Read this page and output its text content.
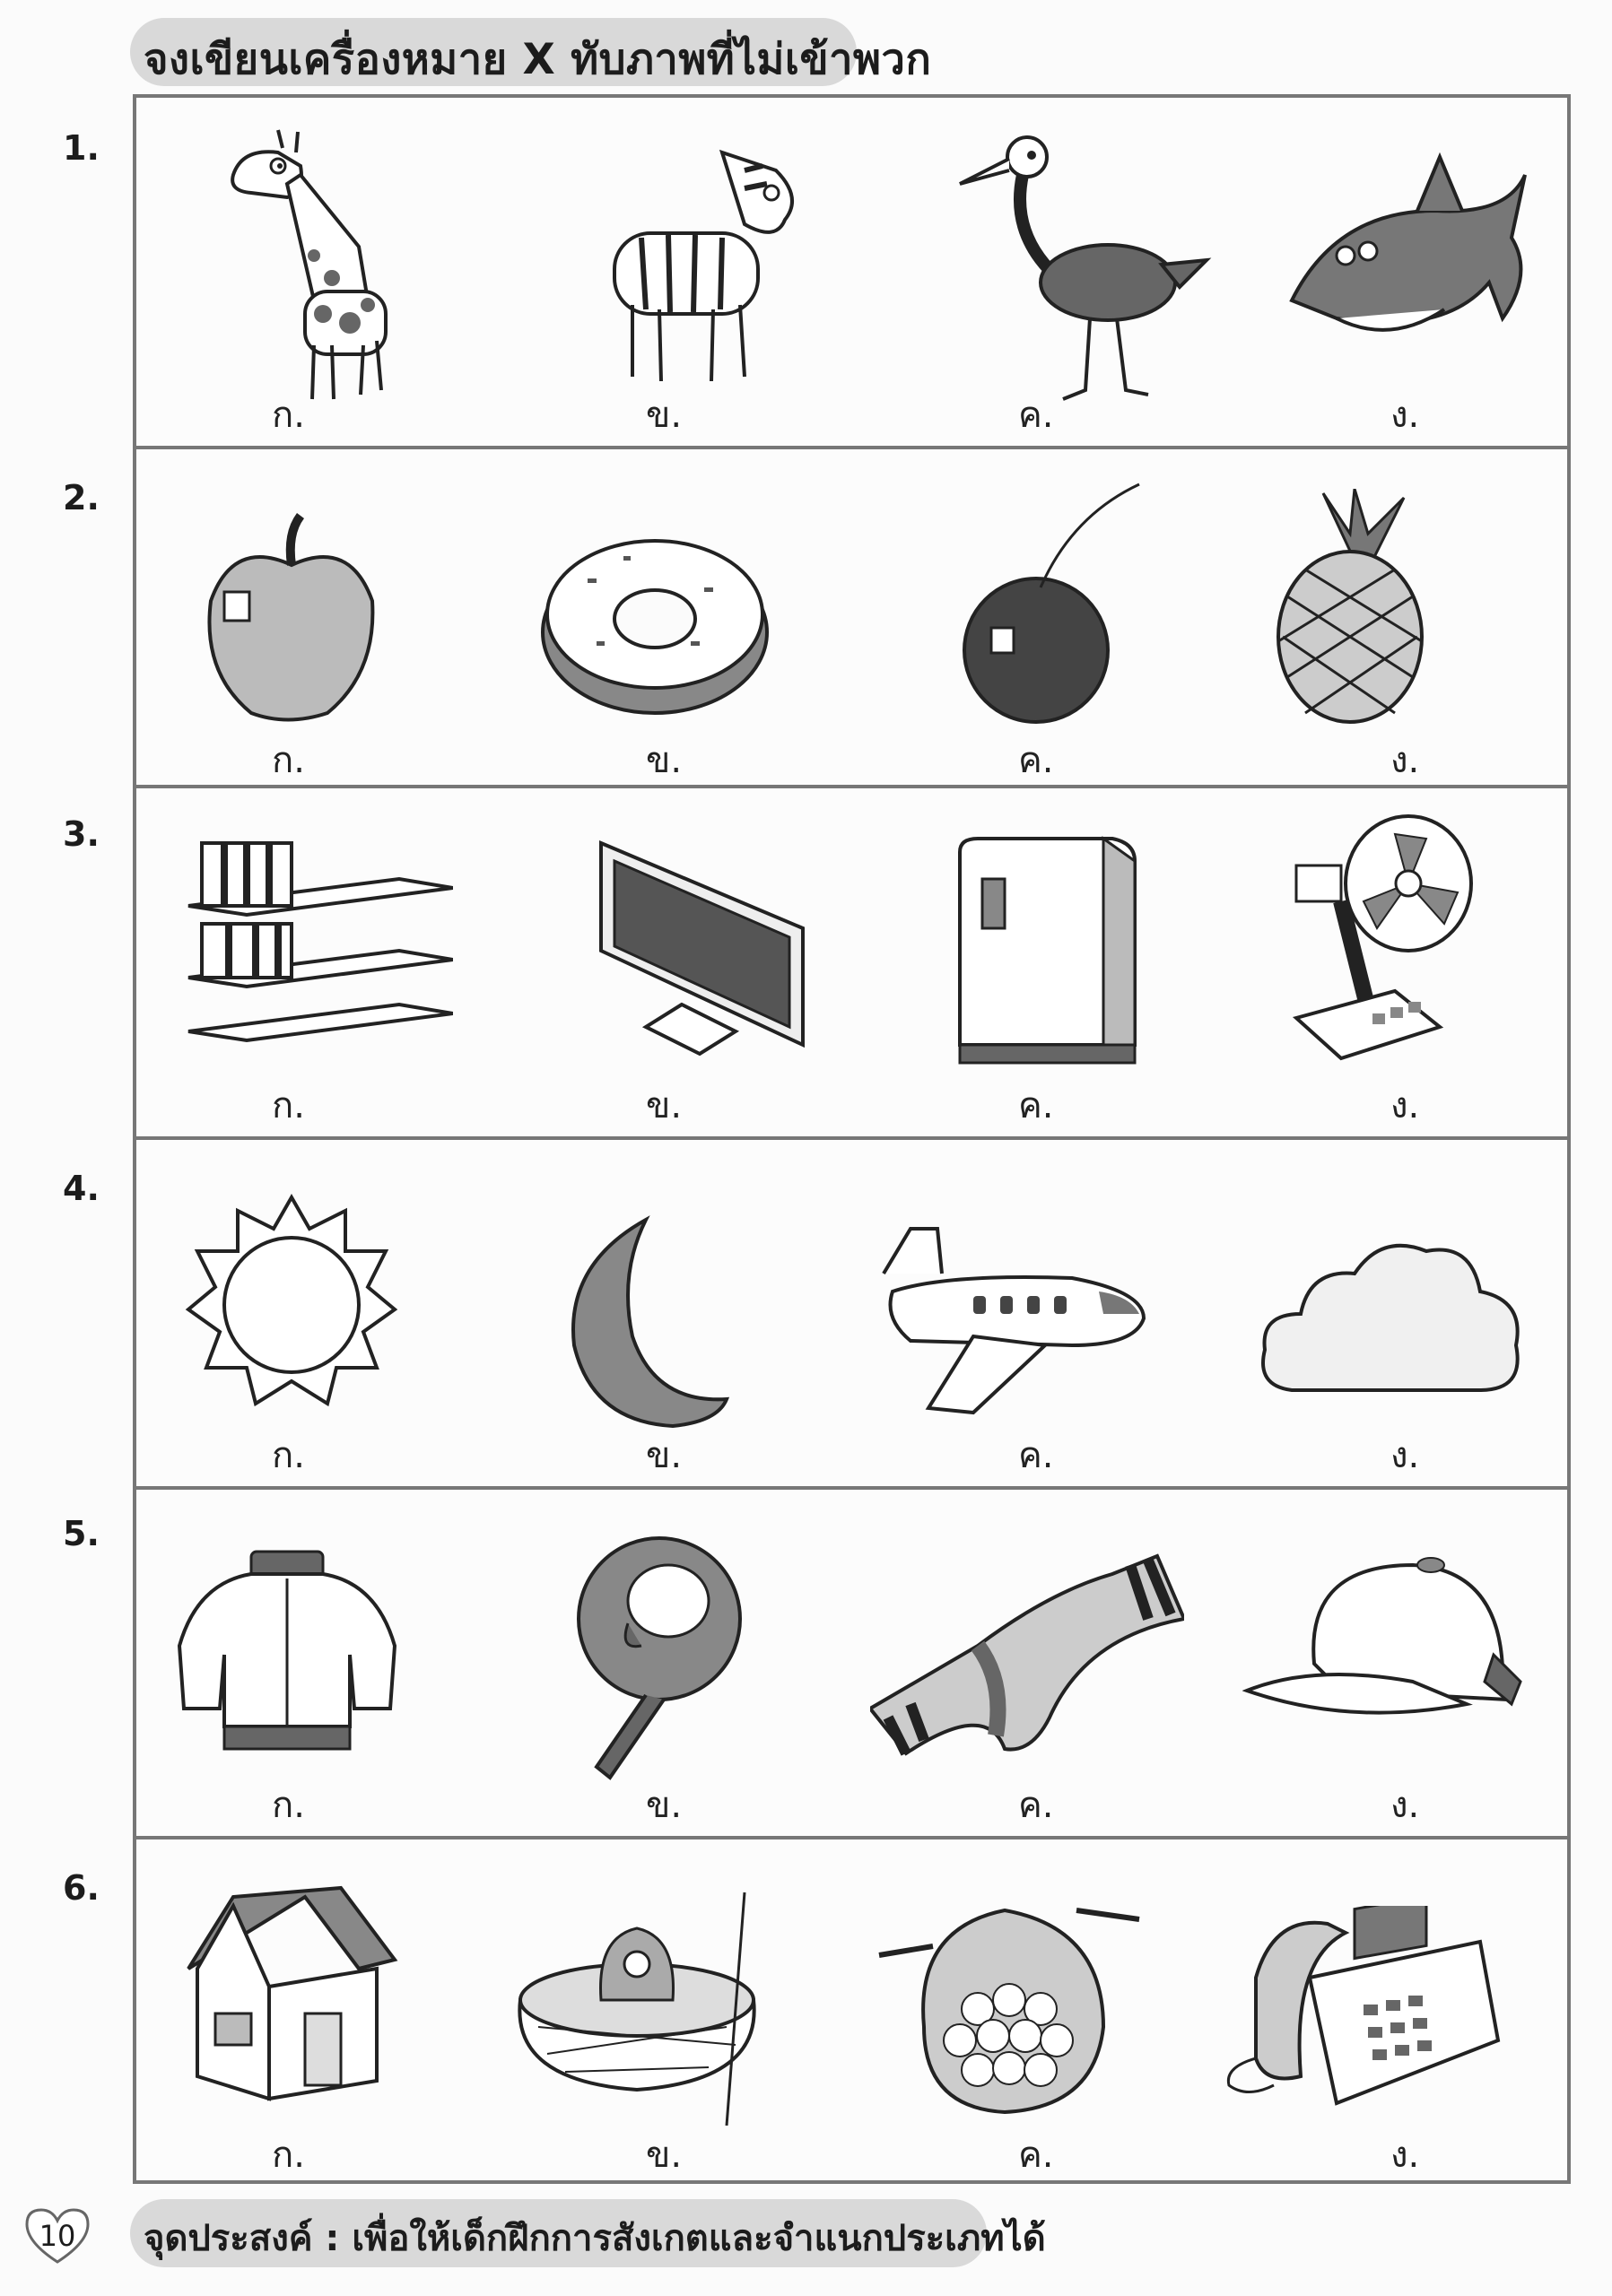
จงเขียนเครื่องหมาย X ทับภาพที่ไม่เข้าพวก
1.
2.
3.
4.
5.
6.
ก.	ข.	ค.	ง.
ก.	ข.	ค.	ง.
ก.	ข.	ค.	ง.
ก.	ข.	ค.	ง.
ก.	ข.	ค.	ง.
ก.	ข.	ค.	ง.
10	จุดประสงค์ : เพื่อให้เด็กฝึกการสังเกตและจำแนกประเภทได้
